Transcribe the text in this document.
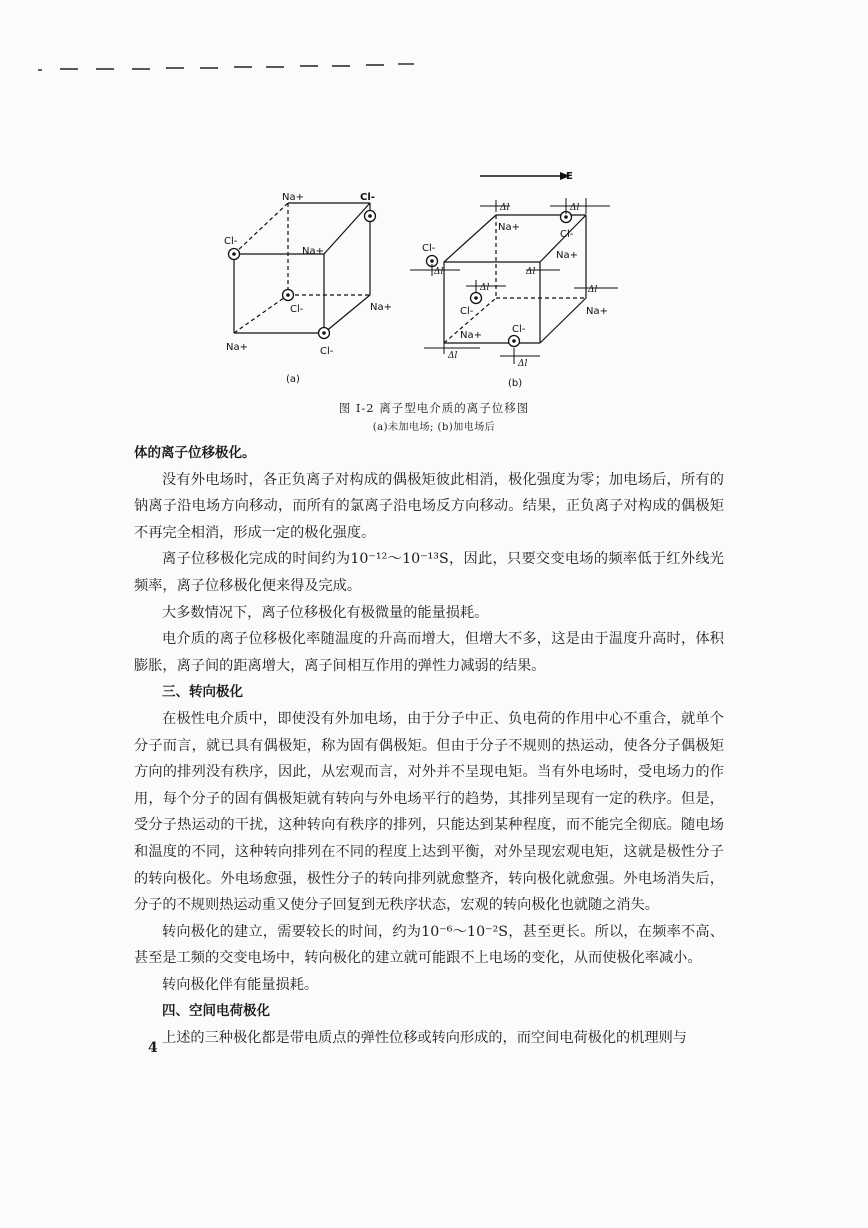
Na+	Cl-
Cl-
Na+
Cl-	Na+
Na+	Cl-
(a)
E
Δl	Δl
Δl	Δl
Δl	Δl
Δl
Δl
Na+
Cl-
Cl-
Na+
Cl-	Na+
Na+
Cl-
(b)
图 I-2 离子型电介质的离子位移图
(a)未加电场; (b)加电场后

体的离子位移极化。

没有外电场时，各正负离子对构成的偶极矩彼此相消，极化强度为零；加电场后，所有的钠离子沿电场方向移动，而所有的氯离子沿电场反方向移动。结果，正负离子对构成的偶极矩不再完全相消，形成一定的极化强度。

离子位移极化完成的时间约为10⁻¹²～10⁻¹³S，因此，只要交变电场的频率低于红外线光频率，离子位移极化便来得及完成。

大多数情况下，离子位移极化有极微量的能量损耗。

电介质的离子位移极化率随温度的升高而增大，但增大不多，这是由于温度升高时，体积膨胀，离子间的距离增大，离子间相互作用的弹性力减弱的结果。

三、转向极化

在极性电介质中，即使没有外加电场，由于分子中正、负电荷的作用中心不重合，就单个分子而言，就已具有偶极矩，称为固有偶极矩。但由于分子不规则的热运动，使各分子偶极矩方向的排列没有秩序，因此，从宏观而言，对外并不呈现电矩。当有外电场时，受电场力的作用，每个分子的固有偶极矩就有转向与外电场平行的趋势，其排列呈现有一定的秩序。但是，受分子热运动的干扰，这种转向有秩序的排列，只能达到某种程度，而不能完全彻底。随电场和温度的不同，这种转向排列在不同的程度上达到平衡，对外呈现宏观电矩，这就是极性分子的转向极化。外电场愈强，极性分子的转向排列就愈整齐，转向极化就愈强。外电场消失后，分子的不规则热运动重又使分子回复到无秩序状态，宏观的转向极化也就随之消失。

转向极化的建立，需要较长的时间，约为10⁻⁶～10⁻²S，甚至更长。所以，在频率不高、甚至是工频的交变电场中，转向极化的建立就可能跟不上电场的变化，从而使极化率减小。

转向极化伴有能量损耗。

四、空间电荷极化

上述的三种极化都是带电质点的弹性位移或转向形成的，而空间电荷极化的机理则与

4
